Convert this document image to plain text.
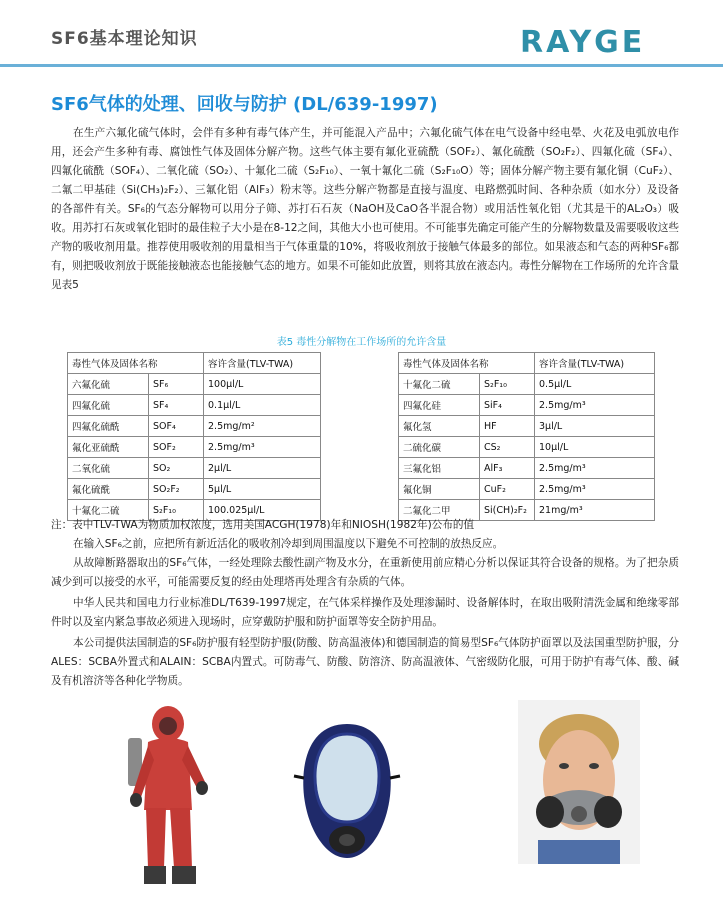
SF6基本理论知识	RAYGE
SF6气体的处理、回收与防护 (DL/639-1997)
在生产六氟化硫气体时，会伴有多种有毒气体产生，并可能混入产品中；六氟化硫气体在电气设备中经电晕、火花及电弧放电作用，还会产生多种有毒、腐蚀性气体及固体分解产物。这些气体主要有氟化亚硫酰（SOF₂）、氟化硫酰（SO₂F₂）、四氟化硫（SF₄）、四氟化硫酰（SOF₄）、二氧化硫（SO₂）、十氟化二硫（S₂F₁₀）、一氧十氟化二硫（S₂F₁₀O）等；固体分解产物主要有氟化铜（CuF₂）、二氟二甲基硅（Si(CH₃)₂F₂）、三氟化铝（AlF₃）粉末等。这些分解产物都是直接与温度、电路燃弧时间、各种杂质（如水分）及设备的各部件有关。SF₆的气态分解物可以用分子筛、苏打石石灰（NaOH及CaO各半混合物）或用活性氧化铝（尤其是干的AL₂O₃）吸收。用苏打石灰或氧化铝时的最佳粒子大小是在8-12之间，其他大小也可使用。不可能事先确定可能产生的分解物数量及需要吸收这些产物的吸收剂用量。推荐使用吸收剂的用量相当于气体重量的10%，将吸收剂放于接触气体最多的部位。如果液态和气态的两种SF₆都有，则把吸收剂放于既能接触液态也能接触气态的地方。如果不可能如此放置，则将其放在液态内。毒性分解物在工作场所的允许含量见表5
表5 毒性分解物在工作场所的允许含量
毒性气体及固体名称		容许含量(TLV-TWA)
六氟化硫	SF₆	100μl/L
四氟化硫	SF₄	0.1μl/L
四氟化硫酰	SOF₄	2.5mg/m²
氟化亚硫酰	SOF₂	2.5mg/m³
二氧化硫	SO₂	2μl/L
氟化硫酰	SO₂F₂	5μl/L
十氟化二硫	S₂F₁₀	100.025μl/L
毒性气体及固体名称		容许含量(TLV-TWA)
十氟化二硫	S₂F₁₀	0.5μl/L
四氟化硅	SiF₄	2.5mg/m³
氟化氢	HF	3μl/L
二硫化碳	CS₂	10μl/L
三氟化铝	AlF₃	2.5mg/m³
氟化铜	CuF₂	2.5mg/m³
二氟化二甲	Si(CH)₂F₂	21mg/m³
注：表中TLV-TWA为物质加权浓度，选用美国ACGH(1978)年和NIOSH(1982年)公布的值
在输入SF₆之前，应把所有新近活化的吸收剂冷却到周围温度以下避免不可控制的放热反应。
从故障断路器取出的SF₆气体，一经处理除去酸性副产物及水分，在重新使用前应精心分析以保证其符合设备的规格。为了把杂质减少到可以接受的水平，可能需要反复的经由处理塔再处理含有杂质的气体。
中华人民共和国电力行业标准DL/T639-1997规定，在气体采样操作及处理渗漏时、设备解体时，在取出吸附清洗金属和绝缘零部件时以及室内紧急事故必须进入现场时，应穿戴防护服和防护面罩等安全防护用品。
本公司提供法国制造的SF₆防护服有轻型防护服(防酸、防高温液体)和德国制造的简易型SF₆气体防护面罩以及法国重型防护服，分ALES：SCBA外置式和ALAIN：SCBA内置式。可防毒气、防酸、防溶济、防高温液体、气密级防化服，可用于防护有毒气体、酸、碱及有机溶济等各种化学物质。
